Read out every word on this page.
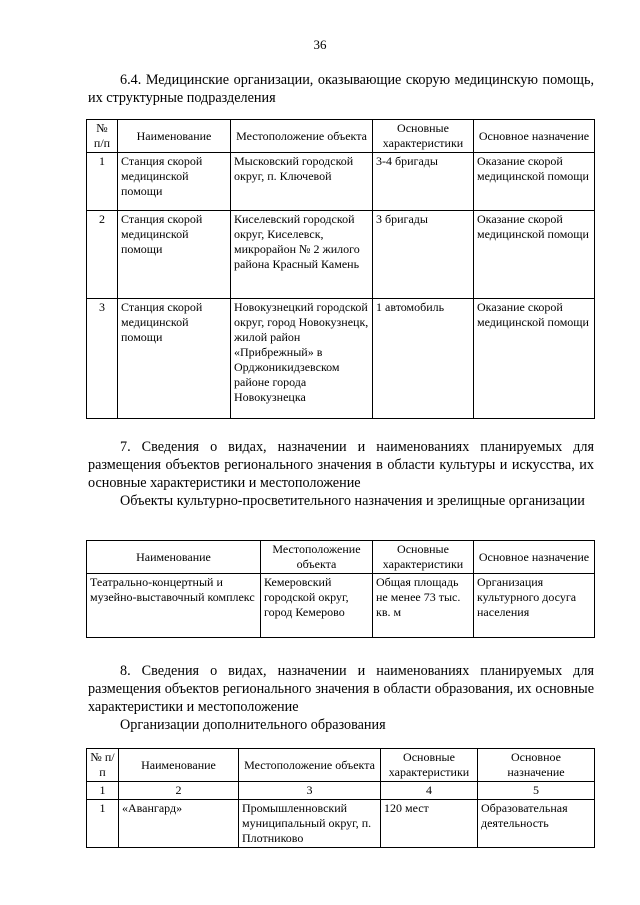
36
6.4. Медицинские организации, оказывающие скорую медицинскую помощь, их структурные подразделения
№ п/п	Наименование	Местоположение объекта	Основные характеристики	Основное назначение
1	Станция скорой медицинской помощи	Мысковский городской округ, п. Ключевой	3-4 бригады	Оказание скорой медицинской помощи
2	Станция скорой медицинской помощи	Киселевский городской округ, Киселевск, микрорайон № 2 жилого района Красный Камень	3 бригады	Оказание скорой медицинской помощи
3	Станция скорой медицинской помощи	Новокузнецкий городской округ, город Новокузнецк, жилой район «Прибрежный» в Орджоникидзевском районе города Новокузнецка	1 автомобиль	Оказание скорой медицинской помощи
7. Сведения о видах, назначении и наименованиях планируемых для размещения объектов регионального значения в области культуры и искусства, их основные характеристики и местоположение
Объекты культурно-просветительного назначения и зрелищные организации
Наименование	Местоположение объекта	Основные характеристики	Основное назначение
Театрально-концертный и музейно-выставочный комплекс	Кемеровский городской округ, город Кемерово	Общая площадь не менее 73 тыс. кв. м	Организация культурного досуга населения
8. Сведения о видах, назначении и наименованиях планируемых для размещения объектов регионального значения в области образования, их основные характеристики и местоположение
Организации дополнительного образования
№ п/п	Наименование	Местоположение объекта	Основные характеристики	Основное назначение
1	2	3	4	5
1	«Авангард»	Промышленновский муниципальный округ, п. Плотниково	120 мест	Образовательная деятельность
